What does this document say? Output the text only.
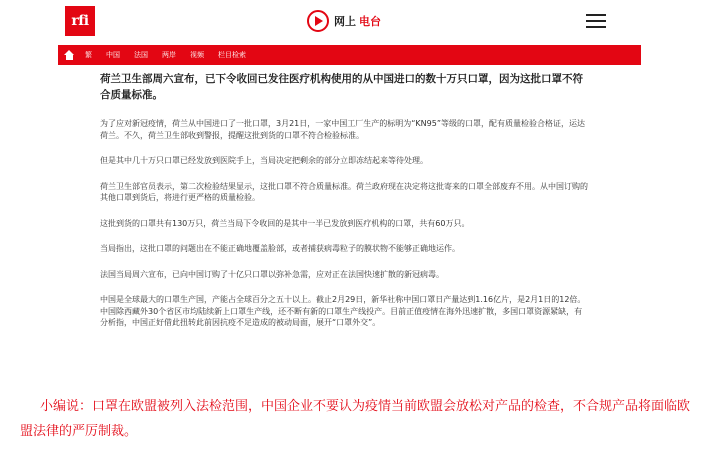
rfi	网上 电台
繁 中国 法国 两岸 视频 栏目检索
荷兰卫生部周六宣布，已下令收回已发往医疗机构使用的从中国进口的数十万只口罩，因为这批口罩不符合质量标准。

为了应对新冠疫情，荷兰从中国进口了一批口罩，3月21日，一家中国工厂生产的标明为“KN95”等级的口罩，配有质量检验合格证，运达荷兰。不久，荷兰卫生部收到警报，提醒这批到货的口罩不符合检验标准。

但是其中几十万只口罩已经发放到医院手上，当局决定把剩余的部分立即冻结起来等待处理。

荷兰卫生部官员表示，第二次检验结果显示，这批口罩不符合质量标准。荷兰政府现在决定将这批寄来的口罩全部废弃不用。从中国订购的其他口罩到货后，将进行更严格的质量检验。

这批到货的口罩共有130万只，荷兰当局下令收回的是其中一半已发放到医疗机构的口罩，共有60万只。

当局指出，这批口罩的问题出在不能正确地覆盖脸部，或者捕获病毒粒子的膜状物不能够正确地运作。

法国当局周六宣布，已向中国订购了十亿只口罩以弥补急需，应对正在法国快速扩散的新冠病毒。

中国是全球最大的口罩生产国，产能占全球百分之五十以上。截止2月29日，新华社称中国口罩日产量达到1.16亿片，是2月1日的12倍。中国除西藏外30个省区市均陆续新上口罩生产线，还不断有新的口罩生产线投产。目前正值疫情在海外迅速扩散，多国口罩资源紧缺，有分析指，中国正好借此扭转此前因抗疫不足造成的被动局面，展开“口罩外交”。

小编说：口罩在欧盟被列入法检范围，中国企业不要认为疫情当前欧盟会放松对产品的检查，不合规产品将面临欧盟法律的严厉制裁。
